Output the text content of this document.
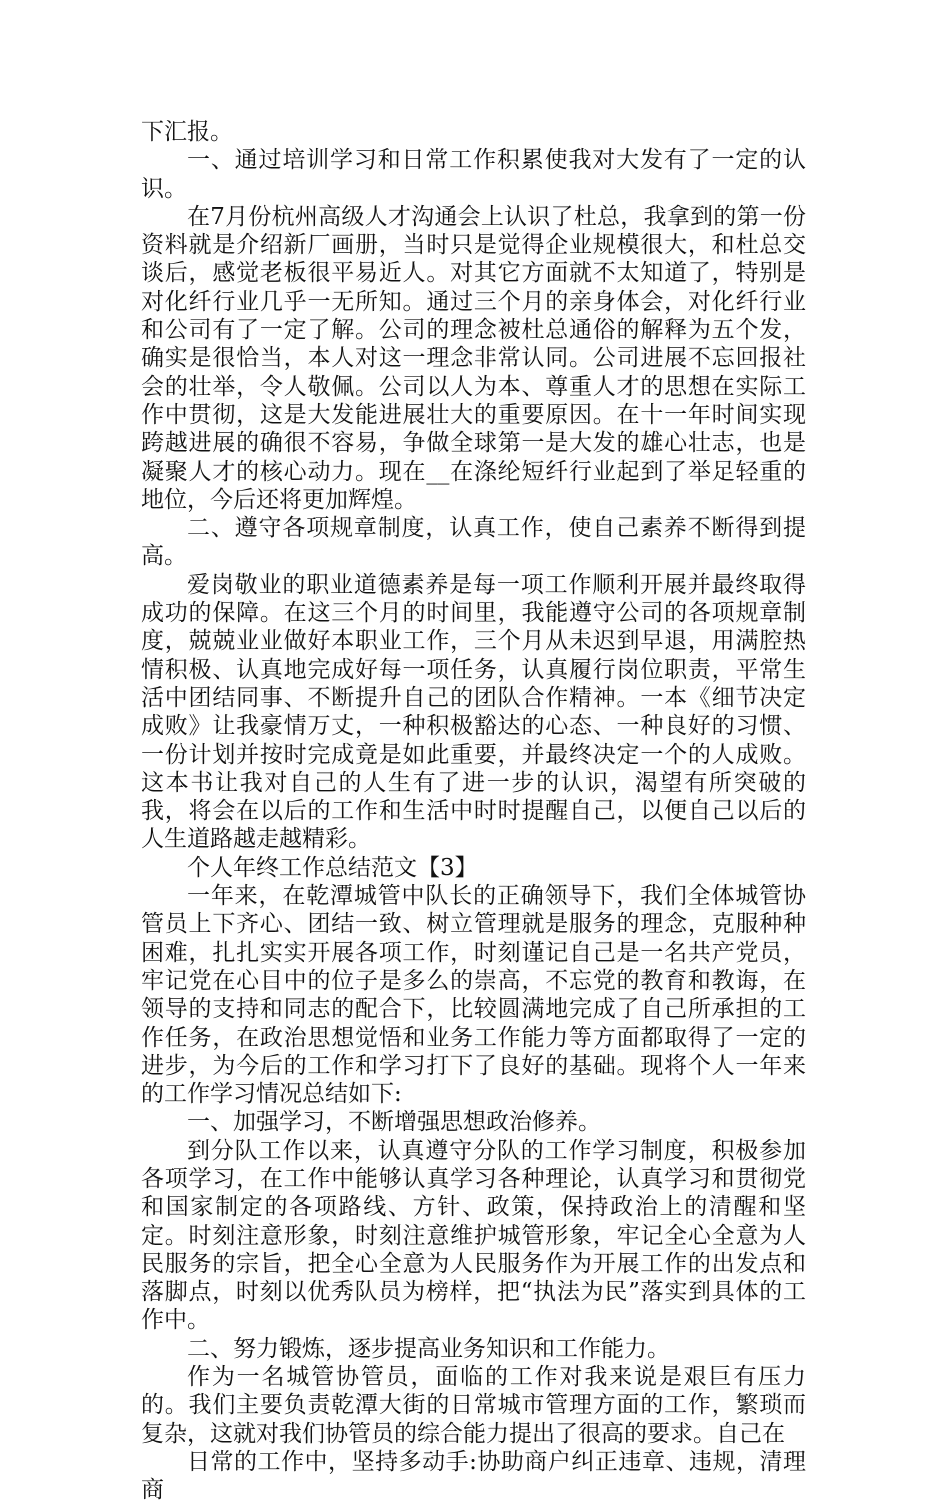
下汇报。

一、通过培训学习和日常工作积累使我对大发有了一定的认识。

在7月份杭州高级人才沟通会上认识了杜总，我拿到的第一份资料就是介绍新厂画册，当时只是觉得企业规模很大，和杜总交谈后，感觉老板很平易近人。对其它方面就不太知道了，特别是对化纤行业几乎一无所知。通过三个月的亲身体会，对化纤行业和公司有了一定了解。公司的理念被杜总通俗的解释为五个发，确实是很恰当，本人对这一理念非常认同。公司进展不忘回报社会的壮举，令人敬佩。公司以人为本、尊重人才的思想在实际工作中贯彻，这是大发能进展壮大的重要原因。在十一年时间实现跨越进展的确很不容易，争做全球第一是大发的雄心壮志，也是凝聚人才的核心动力。现在__在涤纶短纤行业起到了举足轻重的地位，今后还将更加辉煌。

二、遵守各项规章制度，认真工作，使自己素养不断得到提高。

爱岗敬业的职业道德素养是每一项工作顺利开展并最终取得成功的保障。在这三个月的时间里，我能遵守公司的各项规章制度，兢兢业业做好本职业工作，三个月从未迟到早退，用满腔热情积极、认真地完成好每一项任务，认真履行岗位职责，平常生活中团结同事、不断提升自己的团队合作精神。一本《细节决定成败》让我豪情万丈，一种积极豁达的心态、一种良好的习惯、一份计划并按时完成竟是如此重要，并最终决定一个的人成败。这本书让我对自己的人生有了进一步的认识，渴望有所突破的我，将会在以后的工作和生活中时时提醒自己，以便自己以后的人生道路越走越精彩。

个人年终工作总结范文【3】

一年来，在乾潭城管中队长的正确领导下，我们全体城管协管员上下齐心、团结一致、树立管理就是服务的理念，克服种种困难，扎扎实实开展各项工作，时刻谨记自己是一名共产党员，牢记党在心目中的位子是多么的崇高，不忘党的教育和教诲，在领导的支持和同志的配合下，比较圆满地完成了自己所承担的工作任务，在政治思想觉悟和业务工作能力等方面都取得了一定的进步，为今后的工作和学习打下了良好的基础。现将个人一年来的工作学习情况总结如下:

一、加强学习，不断增强思想政治修养。

到分队工作以来，认真遵守分队的工作学习制度，积极参加各项学习，在工作中能够认真学习各种理论，认真学习和贯彻党和国家制定的各项路线、方针、政策，保持政治上的清醒和坚定。时刻注意形象，时刻注意维护城管形象，牢记全心全意为人民服务的宗旨，把全心全意为人民服务作为开展工作的出发点和落脚点，时刻以优秀队员为榜样，把“执法为民”落实到具体的工作中。

二、努力锻炼，逐步提高业务知识和工作能力。

作为一名城管协管员，面临的工作对我来说是艰巨有压力的。我们主要负责乾潭大街的日常城市管理方面的工作，繁琐而复杂，这就对我们协管员的综合能力提出了很高的要求。自己在

日常的工作中，坚持多动手:协助商户纠正违章、违规，清理商
